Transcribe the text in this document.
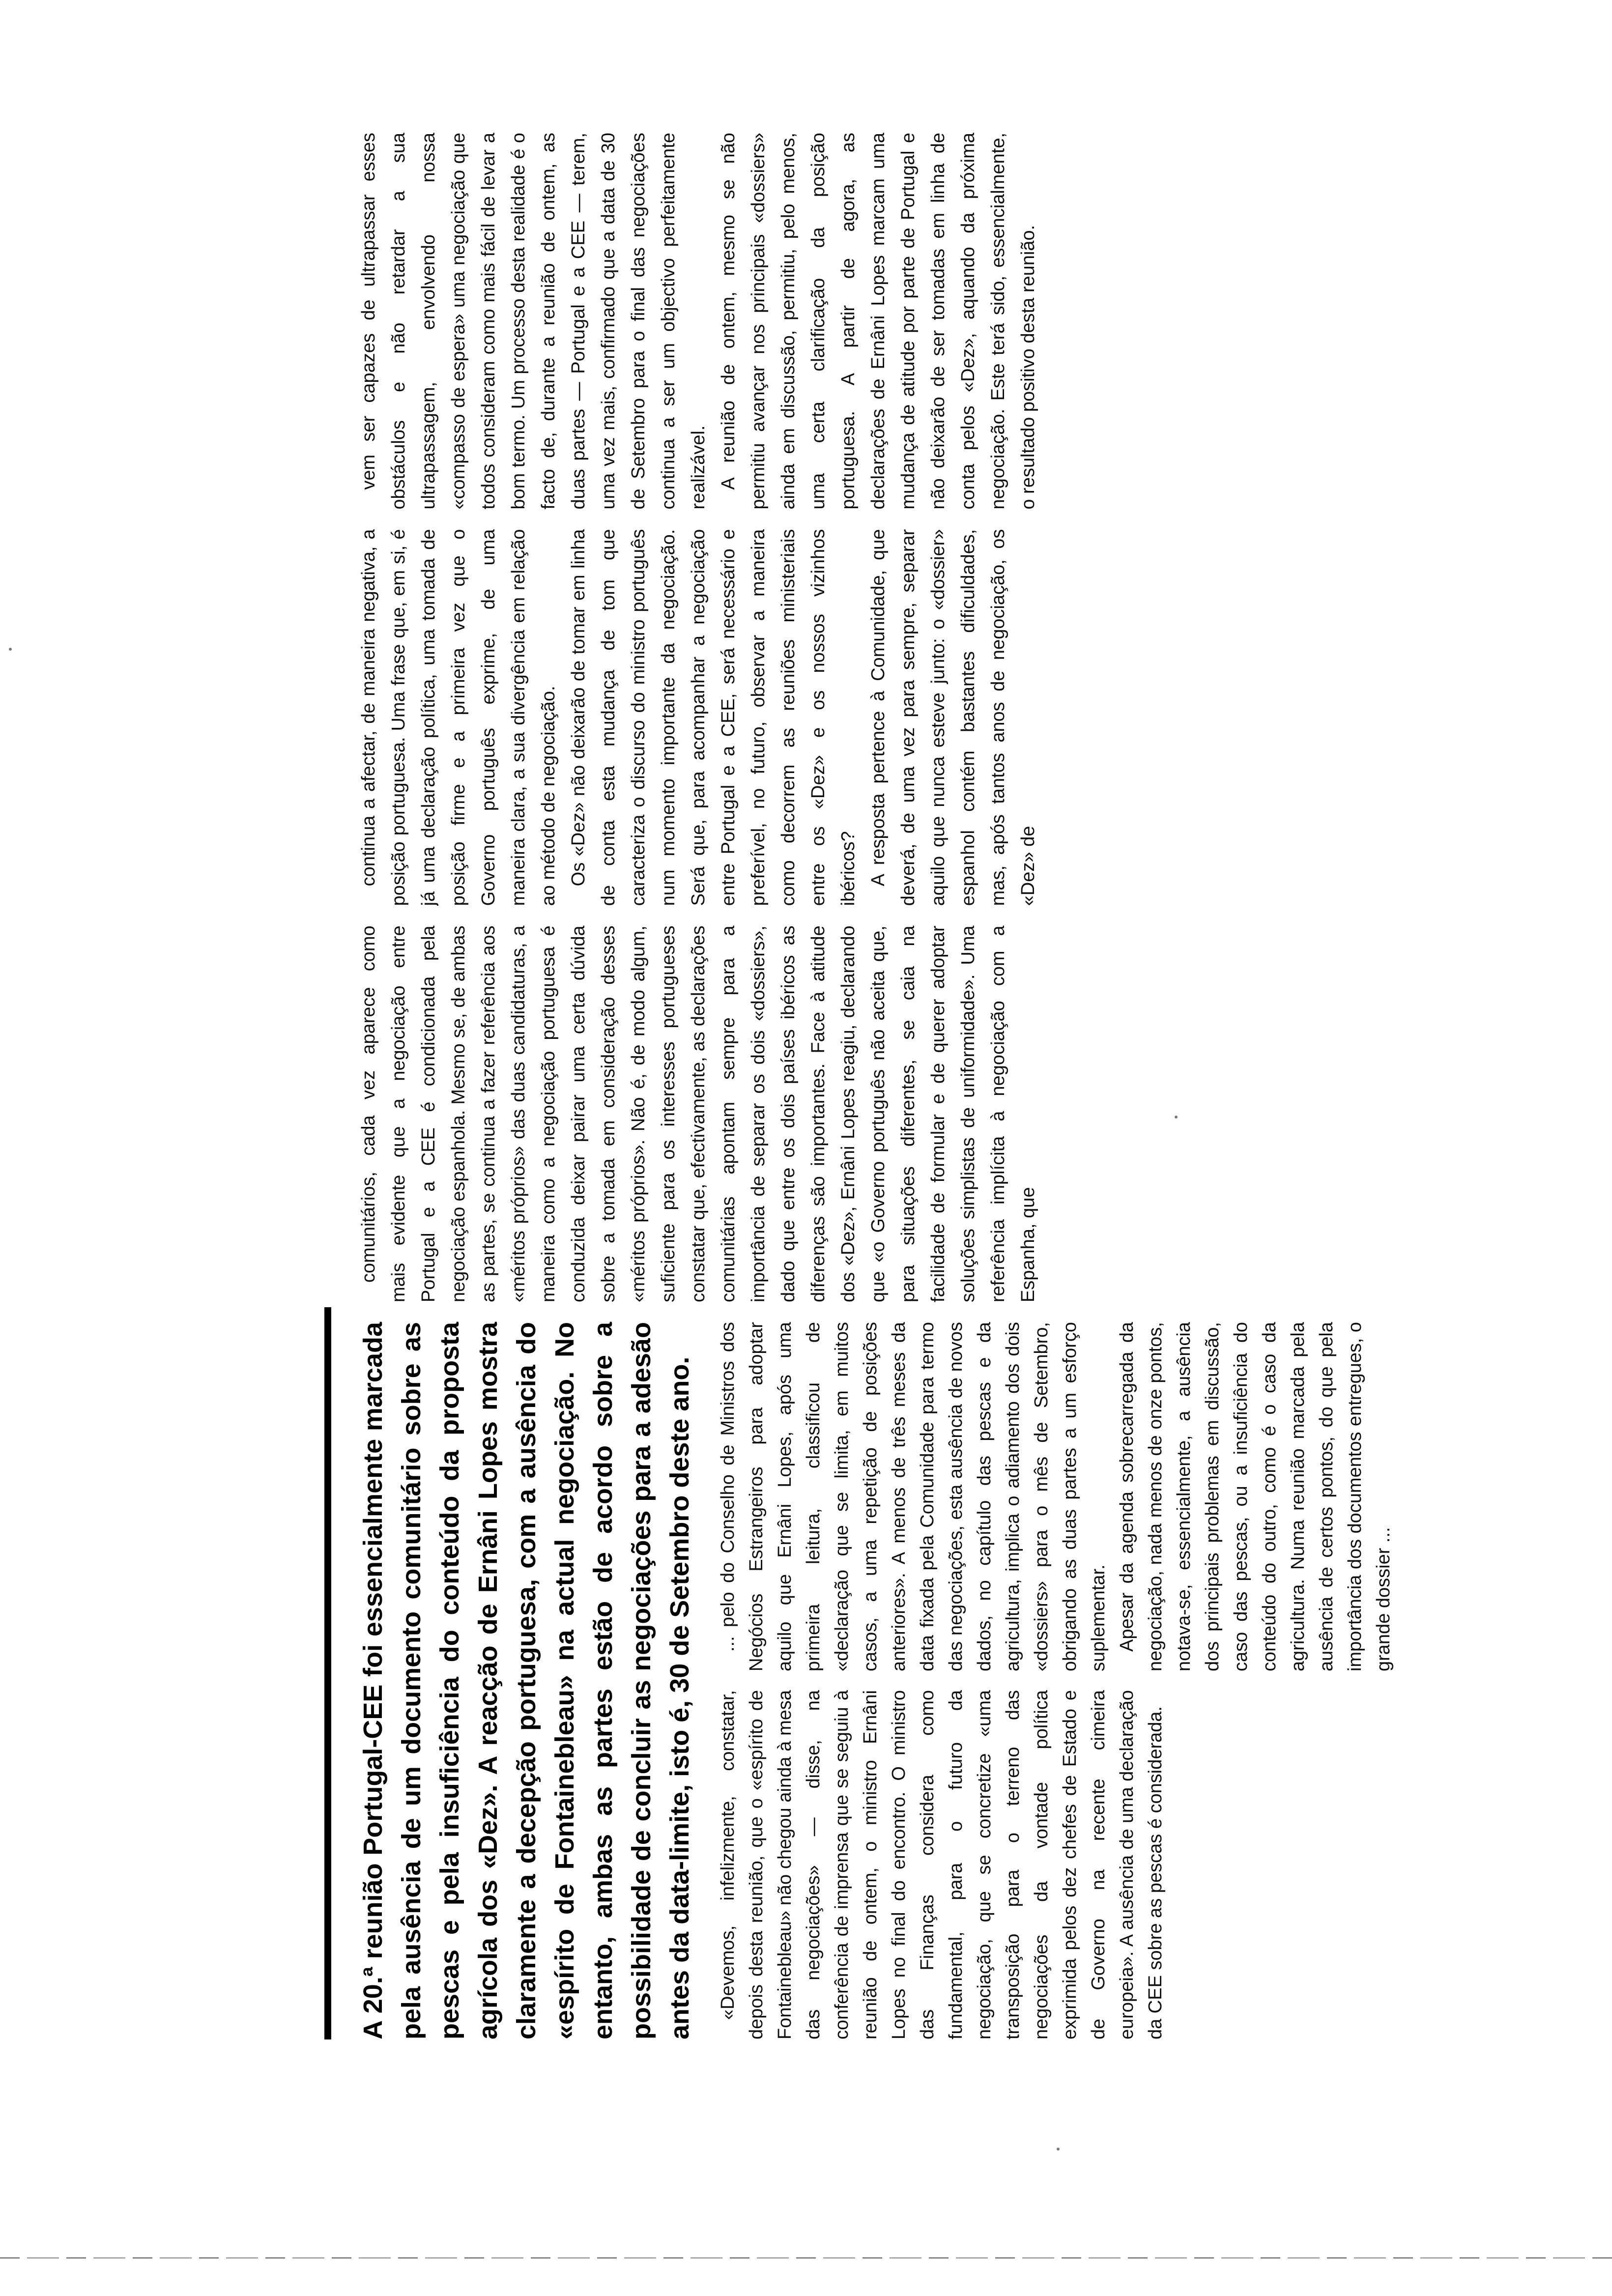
A 20.ª reunião Portugal-CEE foi essencialmente marcada pela ausência de um documento comunitário sobre as pescas e pela insuficiência do conteúdo da proposta agrícola dos «Dez». A reacção de Ernâni Lopes mostra claramente a decepção portuguesa, com a ausência do «espírito de Fontainebleau» na actual negociação. No entanto, ambas as partes estão de acordo sobre a possibilidade de concluir as negociações para a adesão antes da data-limite, isto é, 30 de Setembro deste ano. «Devemos, infelizmente, constatar, depois desta reunião, que o «espírito de Fontainebleau» não chegou ainda à mesa das negociações» — disse, na conferência de imprensa que se seguiu à reunião de ontem, o ministro Ernâni Lopes no final do encontro. O ministro das Finanças considera como fundamental, para o futuro da negociação, que se concretize «uma transposição para o terreno das negociações da vontade política exprimida pelos dez chefes de Estado e de Governo na recente cimeira europeia». A ausência de uma declaração da CEE sobre as pescas é considerada.

... pelo do Conselho de Ministros dos Negócios Estrangeiros para adoptar aquilo que Ernâni Lopes, após uma primeira leitura, classificou de «declaração que se limita, em muitos casos, a uma repetição de posições anteriores». A menos de três meses da data fixada pela Comunidade para termo das negociações, esta ausência de novos dados, no capítulo das pescas e da agricultura, implica o adiamento dos dois «dossiers» para o mês de Setembro, obrigando as duas partes a um esforço suplementar. Apesar da agenda sobrecarregada da negociação, nada menos de onze pontos, notava-se, essencialmente, a ausência dos principais problemas em discussão, caso das pescas, ou a insuficiência do conteúdo do outro, como é o caso da agricultura. Numa reunião marcada pela ausência de certos pontos, do que pela importância dos documentos entregues, o grande dossier ...

comunitários, cada vez aparece como mais evidente que a negociação entre Portugal e a CEE é condicionada pela negociação espanhola. Mesmo se, de ambas as partes, se continua a fazer referência aos «méritos próprios» das duas candidaturas, a maneira como a negociação portuguesa é conduzida deixar pairar uma certa dúvida sobre a tomada em consideração desses «méritos próprios». Não é, de modo algum, suficiente para os interesses portugueses constatar que, efectivamente, as declarações comunitárias apontam sempre para a importância de separar os dois «dossiers», dado que entre os dois países ibéricos as diferenças são importantes. Face à atitude dos «Dez», Ernâni Lopes reagiu, declarando que «o Governo português não aceita que, para situações diferentes, se caia na facilidade de formular e de querer adoptar soluções simplistas de uniformidade». Uma referência implícita à negociação com a Espanha, que

continua a afectar, de maneira negativa, a posição portuguesa. Uma frase que, em si, é já uma declaração política, uma tomada de posição firme e a primeira vez que o Governo português exprime, de uma maneira clara, a sua divergência em relação ao método de negociação. Os «Dez» não deixarão de tomar em linha de conta esta mudança de tom que caracteriza o discurso do ministro português num momento importante da negociação. Será que, para acompanhar a negociação entre Portugal e a CEE, será necessário e preferível, no futuro, observar a maneira como decorrem as reuniões ministeriais entre os «Dez» e os nossos vizinhos ibéricos? A resposta pertence à Comunidade, que deverá, de uma vez para sempre, separar aquilo que nunca esteve junto: o «dossier» espanhol contém bastantes dificuldades, mas, após tantos anos de negociação, os «Dez» de

vem ser capazes de ultrapassar esses obstáculos e não retardar a sua ultrapassagem, envolvendo nossa «compasso de espera» uma negociação que todos consideram como mais fácil de levar a bom termo. Um processo desta realidade é o facto de, durante a reunião de ontem, as duas partes — Portugal e a CEE — terem, uma vez mais, confirmado que a data de 30 de Setembro para o final das negociações continua a ser um objectivo perfeitamente realizável. A reunião de ontem, mesmo se não permitiu avançar nos principais «dossiers» ainda em discussão, permitiu, pelo menos, uma certa clarificação da posição portuguesa. A partir de agora, as declarações de Ernâni Lopes marcam uma mudança de atitude por parte de Portugal e não deixarão de ser tomadas em linha de conta pelos «Dez», aquando da próxima negociação. Este terá sido, essencialmente, o resultado positivo desta reunião.
